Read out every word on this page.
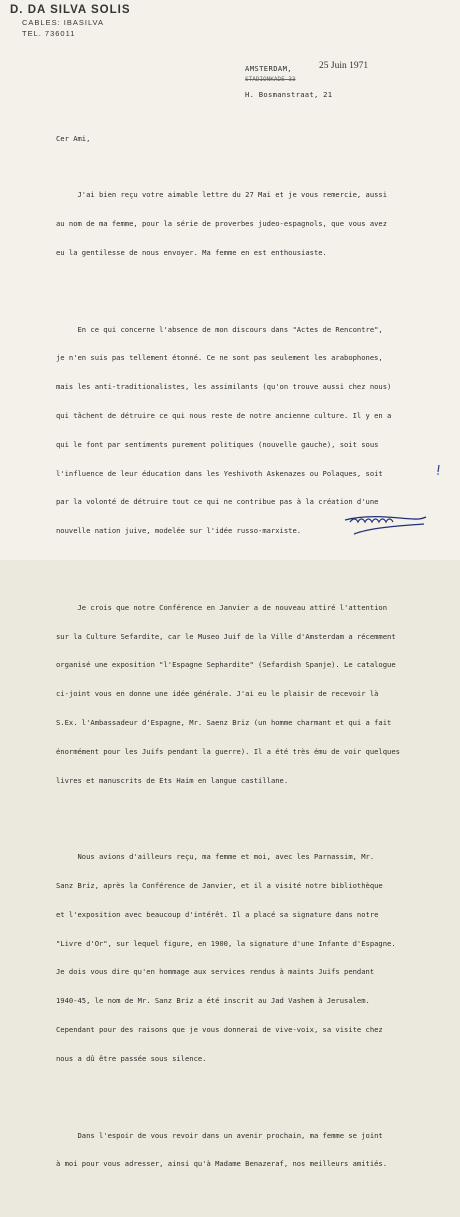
D. DA SILVA SOLIS
CABLES: IBASILVA
TEL. 736011
AMSTERDAM,
STADIONKADE 33
25 Juin 1971
H. Bosmanstraat, 21
Cer Ami,

J'ai bien reçu votre aimable lettre du 27 Mai et je vous remercie, aussi

au nom de ma femme, pour la série de proverbes judeo-espagnols, que vous avez

eu la gentilesse de nous envoyer. Ma femme en est enthousiaste.

En ce qui concerne l'absence de mon discours dans "Actes de Rencontre",

je n'en suis pas tellement étonné. Ce ne sont pas seulement les arabophones,

mais les anti-traditionalistes, les assimilants (qu'on trouve aussi chez nous)

qui tâchent de détruire ce qui nous reste de notre ancienne culture. Il y en a

qui le font par sentiments purement politiques (nouvelle gauche), soit sous

l'influence de leur éducation dans les Yeshivoth Askenazes ou Polaques, soit

par la volonté de détruire tout ce qui ne contribue pas à la création d'une

nouvelle nation juive, modelée sur l'idée russo-marxiste.

Je crois que notre Conférence en Janvier a de nouveau attiré l'attention

sur la Culture Sefardite, car le Museo Juif de la Ville d'Amsterdam a récemment

organisé une exposition "l'Espagne Sephardite" (Sefardish Spanje). Le catalogue

ci-joint vous en donne une idée générale. J'ai eu le plaisir de recevoir là

S.Ex. l'Ambassadeur d'Espagne, Mr. Saenz Briz (un homme charmant et qui a fait

énormément pour les Juifs pendant la guerre). Il a été très ému de voir quelques

livres et manuscrits de Ets Haim en langue castillane.

Nous avions d'ailleurs reçu, ma femme et moi, avec les Parnassim, Mr.

Sanz Briz, après la Conférence de Janvier, et il a visité notre bibliothèque

et l'exposition avec beaucoup d'intérêt. Il a placé sa signature dans notre

"Livre d'Or", sur lequel figure, en 1900, la signature d'une Infante d'Espagne.

Je dois vous dire qu'en hommage aux services rendus à maints Juifs pendant

1940-45, le nom de Mr. Sanz Briz a été inscrit au Jad Vashem à Jerusalem.

Cependant pour des raisons que je vous donnerai de vive-voix, sa visite chez

nous a dû être passée sous silence.

Dans l'espoir de vous revoir dans un avenir prochain, ma femme se joint

à moi pour vous adresser, ainsi qu'à Madame Benazeraf, nos meilleurs amitiés.
